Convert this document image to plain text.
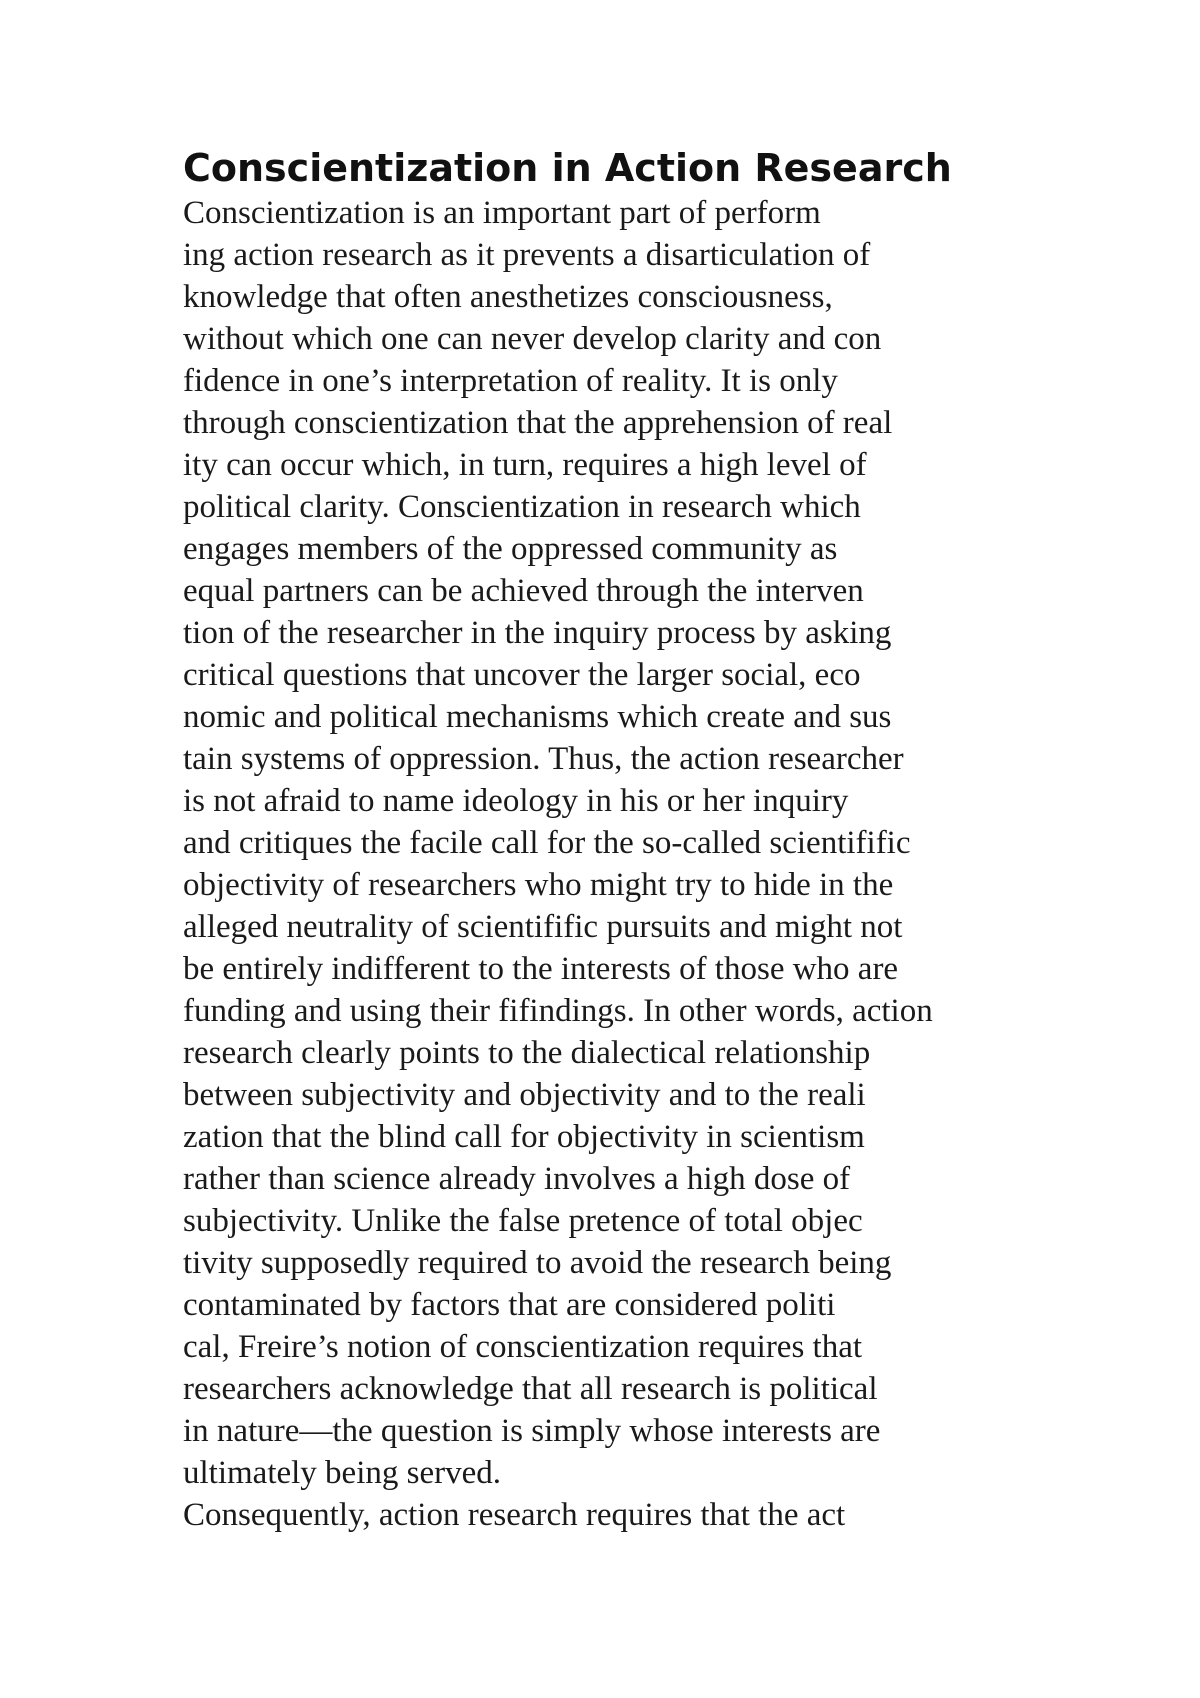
Conscientization in Action Research
Conscientization is an important part of perform
ing action research as it prevents a disarticulation of
knowledge that often anesthetizes consciousness,
without which one can never develop clarity and con
fidence in one’s interpretation of reality. It is only
through conscientization that the apprehension of real
ity can occur which, in turn, requires a high level of
political clarity. Conscientization in research which
engages members of the oppressed community as
equal partners can be achieved through the interven
tion of the researcher in the inquiry process by asking
critical questions that uncover the larger social, eco
nomic and political mechanisms which create and sus
tain systems of oppression. Thus, the action researcher
is not afraid to name ideology in his or her inquiry
and critiques the facile call for the so-called scientifific
objectivity of researchers who might try to hide in the
alleged neutrality of scientifific pursuits and might not
be entirely indifferent to the interests of those who are
funding and using their fifindings. In other words, action
research clearly points to the dialectical relationship
between subjectivity and objectivity and to the reali
zation that the blind call for objectivity in scientism
rather than science already involves a high dose of
subjectivity. Unlike the false pretence of total objec
tivity supposedly required to avoid the research being
contaminated by factors that are considered politi
cal, Freire’s notion of conscientization requires that
researchers acknowledge that all research is political
in nature—the question is simply whose interests are
ultimately being served.
Consequently, action research requires that the act
